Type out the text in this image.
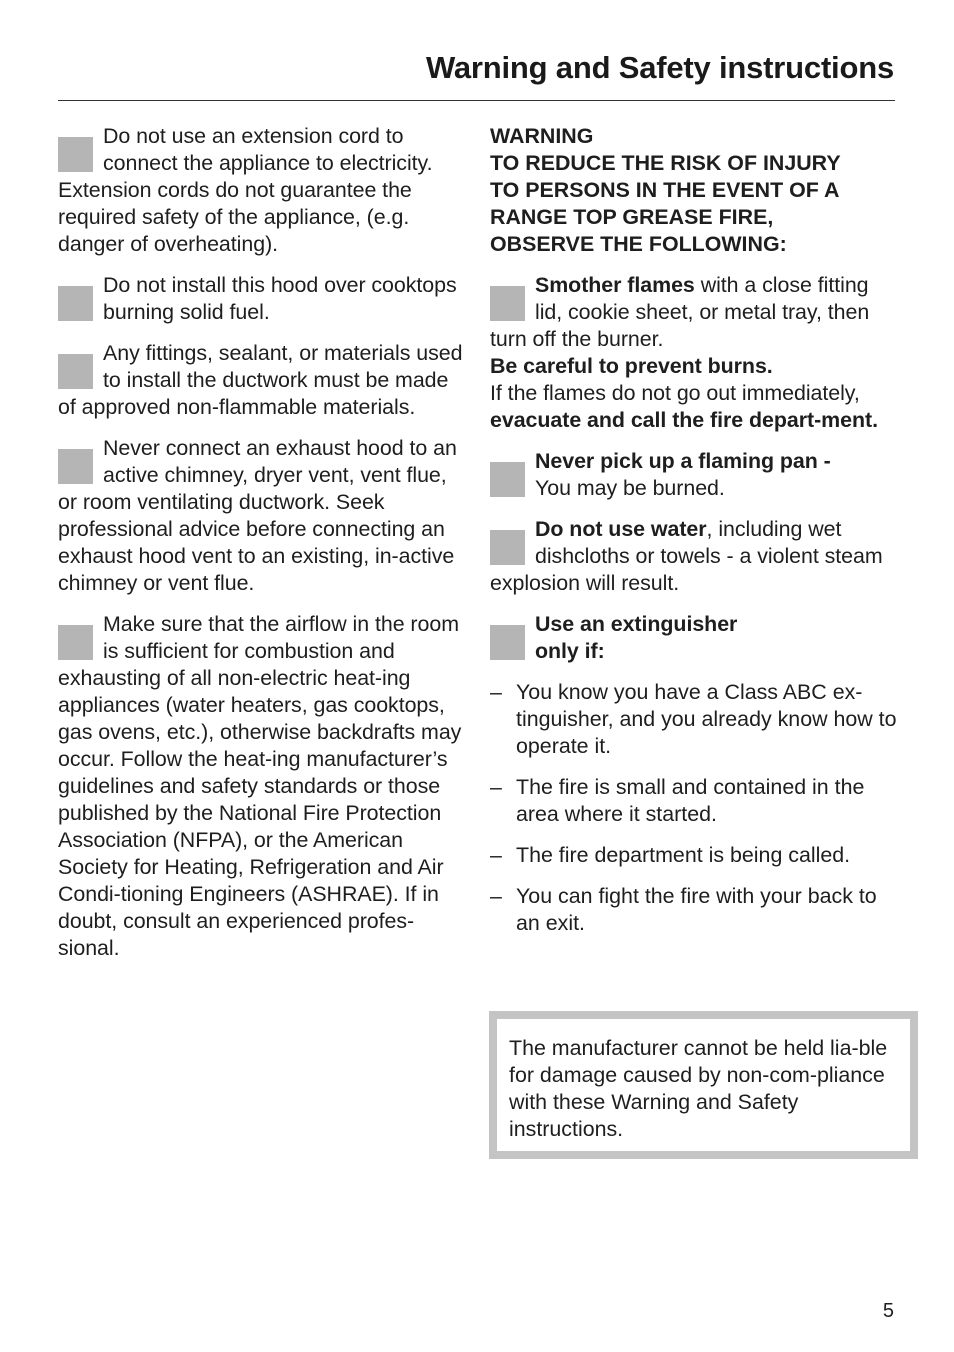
Warning and Safety instructions

Do not use an extension cord to connect the appliance to electricity. Extension cords do not guarantee the required safety of the appliance, (e.g. danger of overheating).

Do not install this hood over cooktops burning solid fuel.

Any fittings, sealant, or materials used to install the ductwork must be made of approved non-flammable materials.

Never connect an exhaust hood to an active chimney, dryer vent, vent flue, or room ventilating ductwork. Seek professional advice before connecting an exhaust hood vent to an existing, in-active chimney or vent flue.

Make sure that the airflow in the room is sufficient for combustion and exhausting of all non-electric heat-ing appliances (water heaters, gas cooktops, gas ovens, etc.), otherwise backdrafts may occur. Follow the heat-ing manufacturer’s guidelines and safety standards or those published by the National Fire Protection Association (NFPA), or the American Society for Heating, Refrigeration and Air Condi-tioning Engineers (ASHRAE). If in doubt, consult an experienced profes-sional.

WARNING
TO REDUCE THE RISK OF INJURY
TO PERSONS IN THE EVENT OF A
RANGE TOP GREASE FIRE,
OBSERVE THE FOLLOWING:

Smother flames with a close fitting lid, cookie sheet, or metal tray, then turn off the burner.
Be careful to prevent burns.
If the flames do not go out immediately,
evacuate and call the fire depart-ment.

Never pick up a flaming pan -
You may be burned.

Do not use water, including wet dishcloths or towels - a violent steam explosion will result.

Use an extinguisher only if:

– You know you have a Class ABC ex-tinguisher, and you already know how to operate it.
– The fire is small and contained in the area where it started.
– The fire department is being called.
– You can fight the fire with your back to an exit.
The manufacturer cannot be held lia-ble for damage caused by non-com-pliance with these Warning and Safety instructions.
5
